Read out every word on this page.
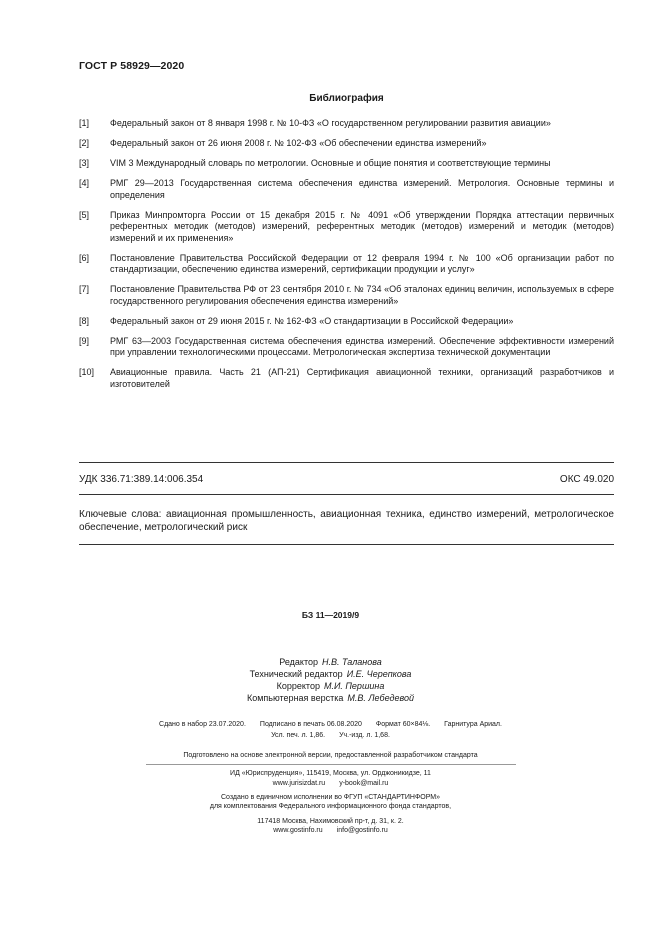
ГОСТ Р 58929—2020
Библиография
[1]	Федеральный закон от 8 января 1998 г. № 10-ФЗ «О государственном регулировании развития авиации»
[2]	Федеральный закон от 26 июня 2008 г. № 102-ФЗ «Об обеспечении единства измерений»
[3]	VIM 3 Международный словарь по метрологии. Основные и общие понятия и соответствующие термины
[4]	РМГ 29—2013 Государственная система обеспечения единства измерений. Метрология. Основные термины и определения
[5]	Приказ Минпромторга России от 15 декабря 2015 г. № 4091 «Об утверждении Порядка аттестации первичных референтных методик (методов) измерений, референтных методик (методов) измерений и методик (методов) измерений и их применения»
[6]	Постановление Правительства Российской Федерации от 12 февраля 1994 г. № 100 «Об организации работ по стандартизации, обеспечению единства измерений, сертификации продукции и услуг»
[7]	Постановление Правительства РФ от 23 сентября 2010 г. № 734 «Об эталонах единиц величин, используемых в сфере государственного регулирования обеспечения единства измерений»
[8]	Федеральный закон от 29 июня 2015 г. № 162-ФЗ «О стандартизации в Российской Федерации»
[9]	РМГ 63—2003 Государственная система обеспечения единства измерений. Обеспечение эффективности измерений при управлении технологическими процессами. Метрологическая экспертиза технической документации
[10]	Авиационные правила. Часть 21 (АП-21) Сертификация авиационной техники, организаций разработчиков и изготовителей
УДК 336.71:389.14:006.354	ОКС 49.020
Ключевые слова: авиационная промышленность, авиационная техника, единство измерений, метрологическое обеспечение, метрологический риск
БЗ 11—2019/9
Редактор Н.В. Таланова
Технический редактор И.Е. Черепкова
Корректор М.И. Першина
Компьютерная верстка М.В. Лебедевой
Сдано в набор 23.07.2020. Подписано в печать 06.08.2020 Формат 60×84⅛. Гарнитура Ариал.
Усл. печ. л. 1,86. Уч.-изд. л. 1,68.
Подготовлено на основе электронной версии, предоставленной разработчиком стандарта
ИД «Юриспруденция», 115419, Москва, ул. Орджоникидзе, 11
www.jurisizdat.ru y-book@mail.ru
Создано в единичном исполнении во ФГУП «СТАНДАРТИНФОРМ»
для комплектования Федерального информационного фонда стандартов,
117418 Москва, Нахимовский пр-т, д. 31, к. 2.
www.gostinfo.ru info@gostinfo.ru
